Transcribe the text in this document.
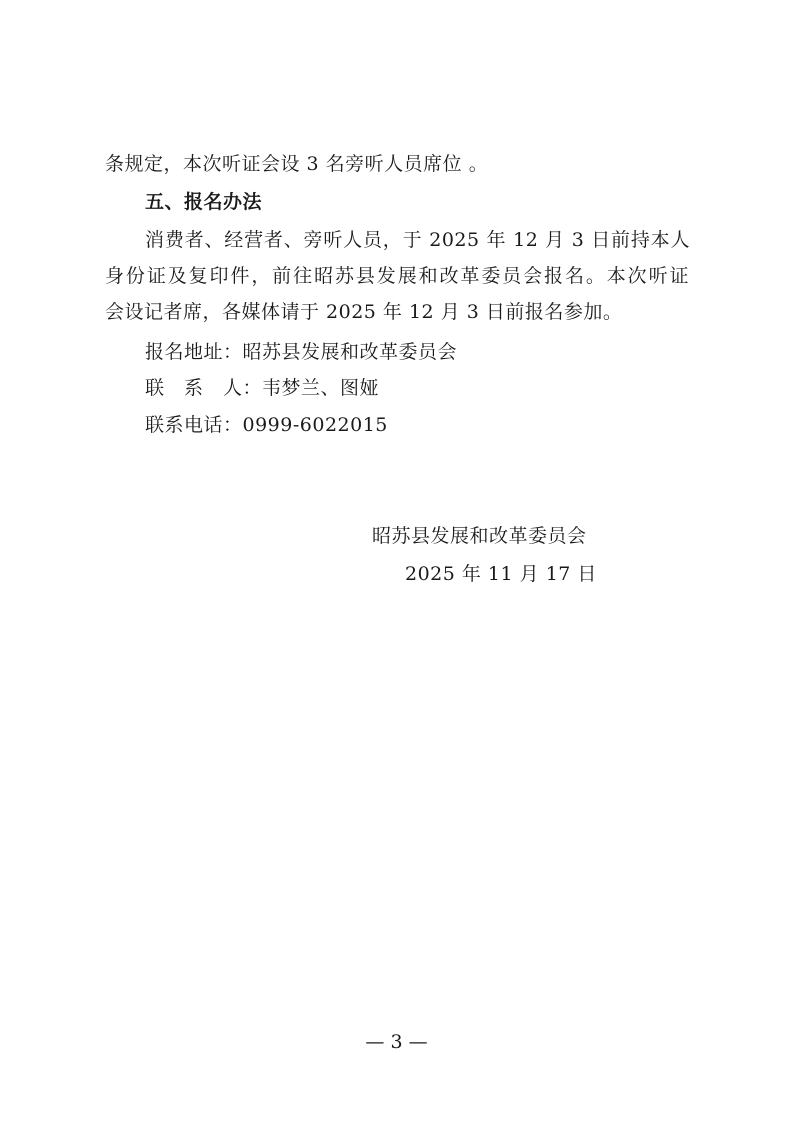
条规定，本次听证会设 3 名旁听人员席位 。
五、报名办法
消费者、经营者、旁听人员，于 2025 年 12 月 3 日前持本人
身份证及复印件，前往昭苏县发展和改革委员会报名。本次听证
会设记者席，各媒体请于 2025 年 12 月 3 日前报名参加。
报名地址：昭苏县发展和改革委员会
联　系　人：韦梦兰、图娅
联系电话：0999-6022015
昭苏县发展和改革委员会
2025 年 11 月 17 日
— 3 —
